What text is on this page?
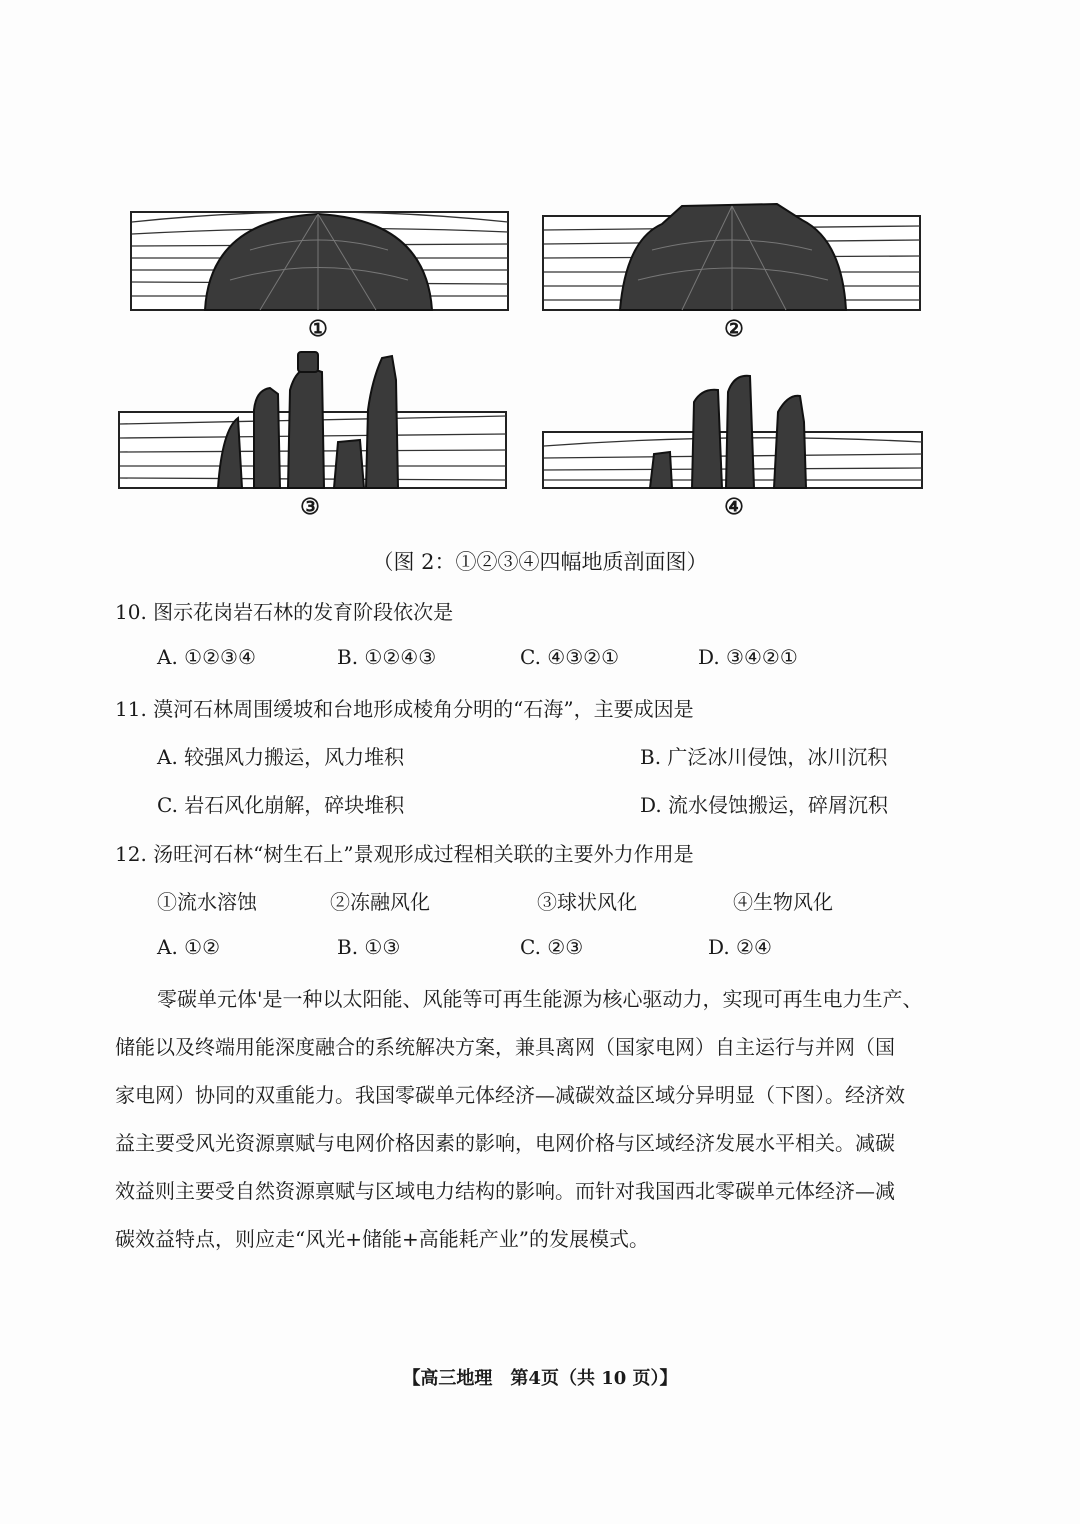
①	②
③	④
（图 2：①②③④四幅地质剖面图）
10. 图示花岗岩石林的发育阶段依次是
A. ①②③④	B. ①②④③	C. ④③②①	D. ③④②①
11. 漠河石林周围缓坡和台地形成棱角分明的“石海”，主要成因是
A. 较强风力搬运，风力堆积	B. 广泛冰川侵蚀，冰川沉积
C. 岩石风化崩解，碎块堆积	D. 流水侵蚀搬运，碎屑沉积
12. 汤旺河石林“树生石上”景观形成过程相关联的主要外力作用是
①流水溶蚀	②冻融风化	③球状风化	④生物风化
A. ①②	B. ①③	C. ②③	D. ②④
零碳单元体'是一种以太阳能、风能等可再生能源为核心驱动力，实现可再生电力生产、
储能以及终端用能深度融合的系统解决方案，兼具离网（国家电网）自主运行与并网（国
家电网）协同的双重能力。我国零碳单元体经济—减碳效益区域分异明显（下图）。经济效
益主要受风光资源禀赋与电网价格因素的影响，电网价格与区域经济发展水平相关。减碳
效益则主要受自然资源禀赋与区域电力结构的影响。而针对我国西北零碳单元体经济—减
碳效益特点，则应走“风光+储能+高能耗产业”的发展模式。
【高三地理　第4页（共 10 页）】
